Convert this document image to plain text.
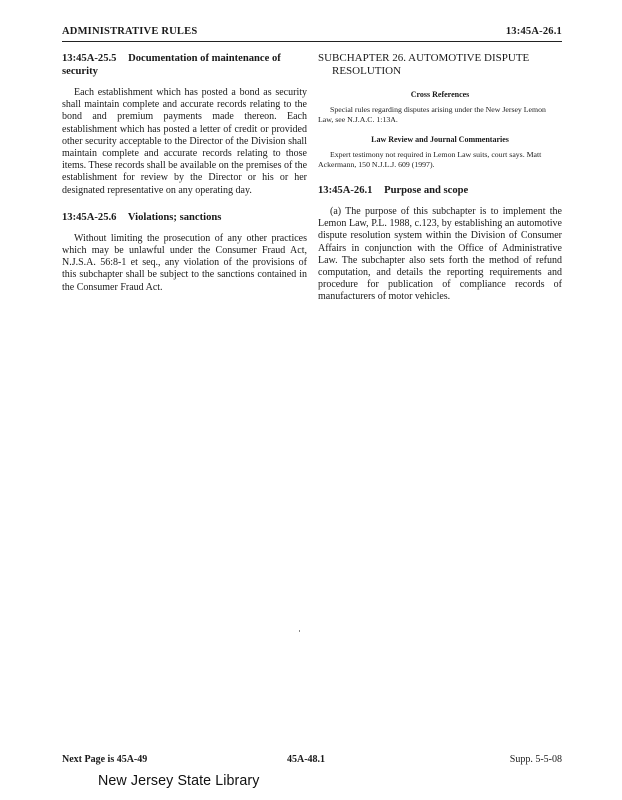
ADMINISTRATIVE RULES	13:45A-26.1
13:45A-25.5 Documentation of maintenance of security

Each establishment which has posted a bond as security shall maintain complete and accurate records relating to the bond and premium payments made thereon. Each establishment which has posted a letter of credit or provided other security acceptable to the Director of the Division shall maintain complete and accurate records relating to those items. These records shall be available on the premises of the establishment for review by the Director or his or her designated representative on any operating day.

13:45A-25.6 Violations; sanctions

Without limiting the prosecution of any other practices which may be unlawful under the Consumer Fraud Act, N.J.S.A. 56:8-1 et seq., any violation of the provisions of this subchapter shall be subject to the sanctions contained in the Consumer Fraud Act.

SUBCHAPTER 26. AUTOMOTIVE DISPUTE RESOLUTION
Cross References
Special rules regarding disputes arising under the New Jersey Lemon Law, see N.J.A.C. 1:13A.
Law Review and Journal Commentaries
Expert testimony not required in Lemon Law suits, court says. Matt Ackermann, 150 N.J.L.J. 609 (1997).
13:45A-26.1 Purpose and scope

(a) The purpose of this subchapter is to implement the Lemon Law, P.L. 1988, c.123, by establishing an automotive dispute resolution system within the Division of Consumer Affairs in conjunction with the Office of Administrative Law. The subchapter also sets forth the method of refund computation, and details the reporting requirements and procedure for publication of compliance records of manufacturers of motor vehicles.

Next Page is 45A-49	45A-48.1	Supp. 5-5-08
New Jersey State Library
